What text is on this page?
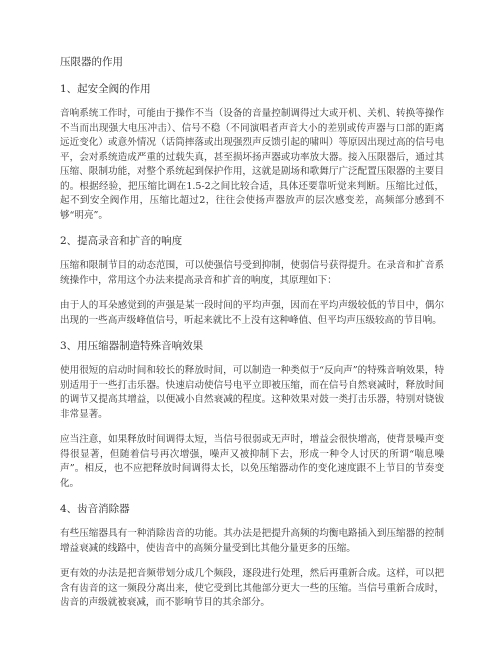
压限器的作用
1、起安全阀的作用

音响系统工作时，可能由于操作不当（设备的音量控制调得过大或开机、关机、转换等操作不当而出现强大电压冲击）、信号不稳（不同演唱者声音大小的差别或传声器与口部的距离远近变化）或意外情况（话筒摔落或出现强烈声反馈引起的啸叫）等原因出现过高的信号电平，会对系统造成严重的过载失真，甚至损坏扬声器或功率放大器。接入压限器后，通过其压缩、限制功能，对整个系统起到保护作用，这就是剧场和歌舞厅广泛配置压限器的主要目的。根据经验，把压缩比调在1.5-2之间比较合适，具体还要靠听觉来判断。压缩比过低，起不到安全阀作用，压缩比超过2，往往会使扬声器放声的层次感变差，高频部分感到不够“明亮”。

2、提高录音和扩音的响度

压缩和限制节目的动态范围，可以使强信号受到抑制，使弱信号获得提升。在录音和扩音系统操作中，常用这个办法来提高录音和扩音的响度，其原理如下：

由于人的耳朵感觉到的声强是某一段时间的平均声强，因而在平均声级较低的节目中，偶尔出现的一些高声级峰值信号，听起来就比不上没有这种峰值、但平均声压级较高的节目响。

3、用压缩器制造特殊音响效果

使用很短的启动时间和较长的释放时间，可以制造一种类似于“反向声”的特殊音响效果，特别适用于一些打击乐器。快速启动使信号电平立即被压缩，而在信号自然衰减时，释放时间的调节又提高其增益，以便减小自然衰减的程度。这种效果对鼓一类打击乐器，特别对铙钹非常显著。

应当注意，如果释放时间调得太短，当信号很弱或无声时，增益会很快增高，使背景噪声变得很显著，但随着信号再次增强，噪声又被抑制下去，形成一种令人讨厌的所谓“喘息噪声”。相反，也不应把释放时间调得太长，以免压缩器动作的变化速度跟不上节目的节奏变化。

4、齿音消除器

有些压缩器具有一种消除齿音的功能。其办法是把提升高频的均衡电路插入到压缩器的控制增益衰减的线路中，使齿音中的高频分量受到比其他分量更多的压缩。

更有效的办法是把音频带划分成几个频段，逐段进行处理，然后再重新合成。这样，可以把含有齿音的这一频段分离出来，使它受到比其他部分更大一些的压缩。当信号重新合成时，齿音的声级就被衰减，而不影响节目的其余部分。
